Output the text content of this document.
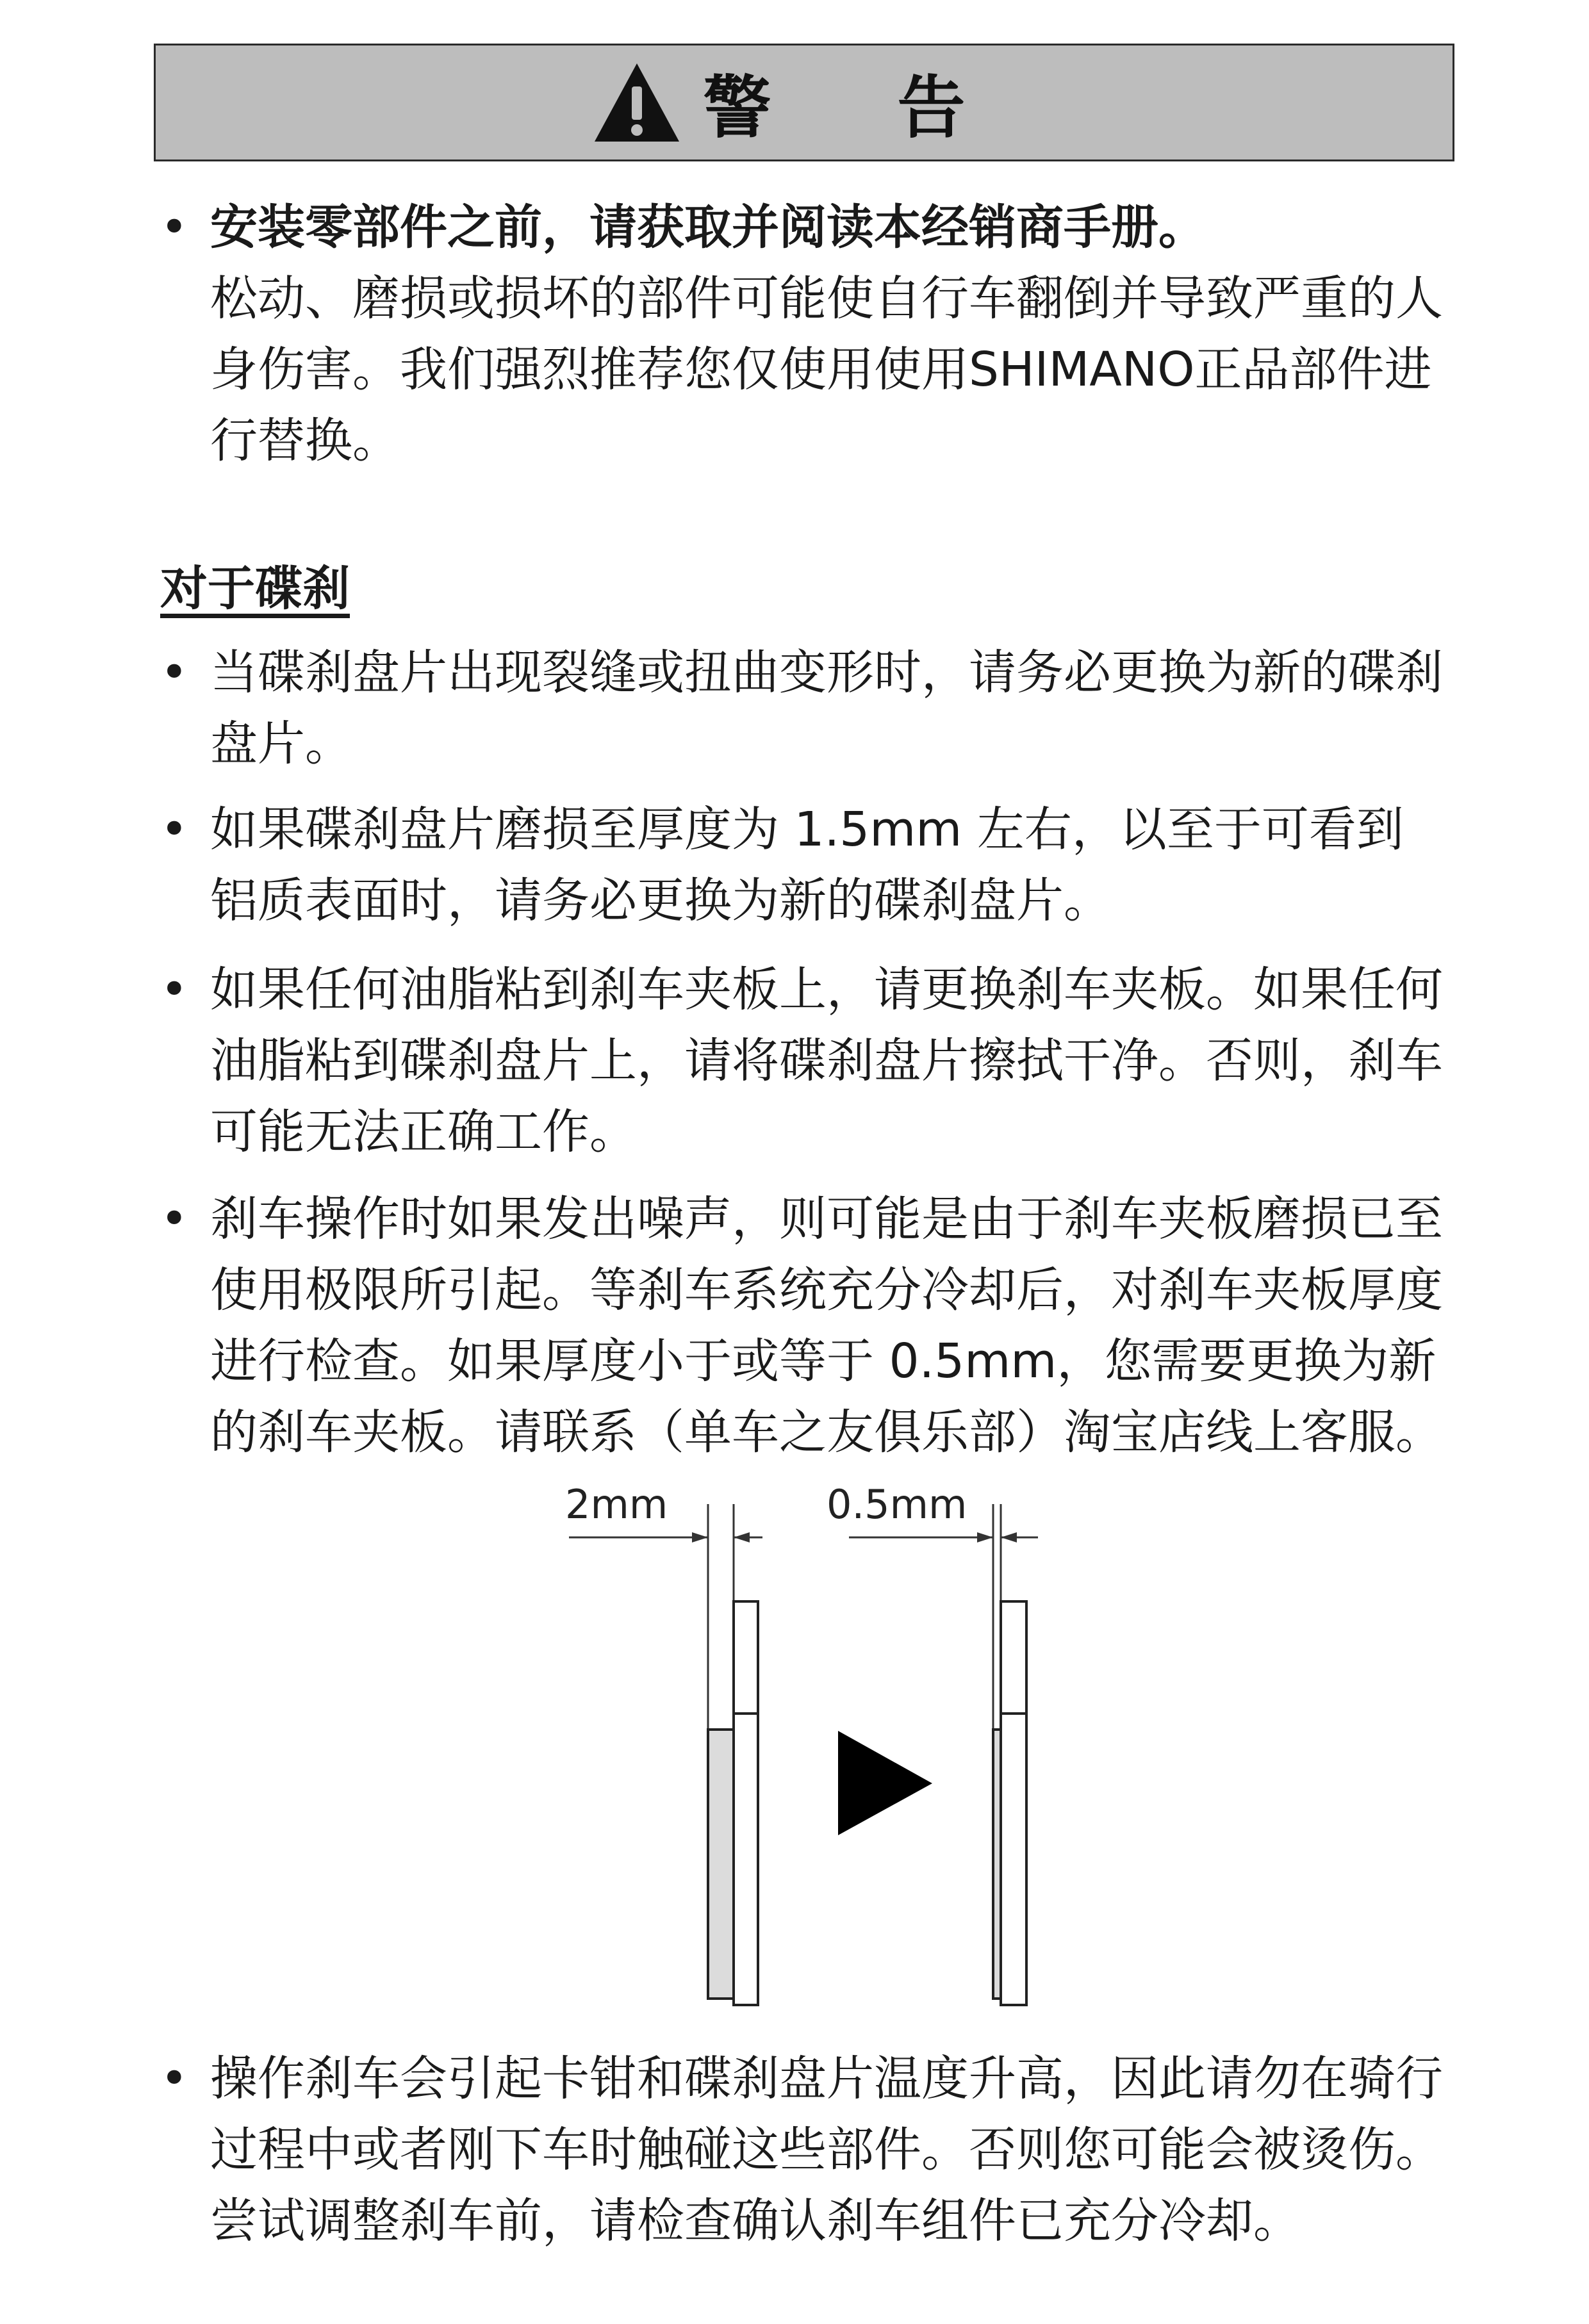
警 告
• 安装零部件之前，请获取并阅读本经销商手册。
松动、磨损或损坏的部件可能使自行车翻倒并导致严重的人
身伤害。我们强烈推荐您仅使用使用SHIMANO正品部件进
行替换。
对于碟刹
• 当碟刹盘片出现裂缝或扭曲变形时，请务必更换为新的碟刹
盘片。
• 如果碟刹盘片磨损至厚度为 1.5mm 左右，以至于可看到
铝质表面时，请务必更换为新的碟刹盘片。
• 如果任何油脂粘到刹车夹板上，请更换刹车夹板。如果任何
油脂粘到碟刹盘片上，请将碟刹盘片擦拭干净。否则，刹车
可能无法正确工作。
• 刹车操作时如果发出噪声，则可能是由于刹车夹板磨损已至
使用极限所引起。等刹车系统充分冷却后，对刹车夹板厚度
进行检查。如果厚度小于或等于 0.5mm，您需要更换为新
的刹车夹板。请联系（单车之友俱乐部）淘宝店线上客服。
2mm	0.5mm
• 操作刹车会引起卡钳和碟刹盘片温度升高，因此请勿在骑行
过程中或者刚下车时触碰这些部件。否则您可能会被烫伤。
尝试调整刹车前，请检查确认刹车组件已充分冷却。
